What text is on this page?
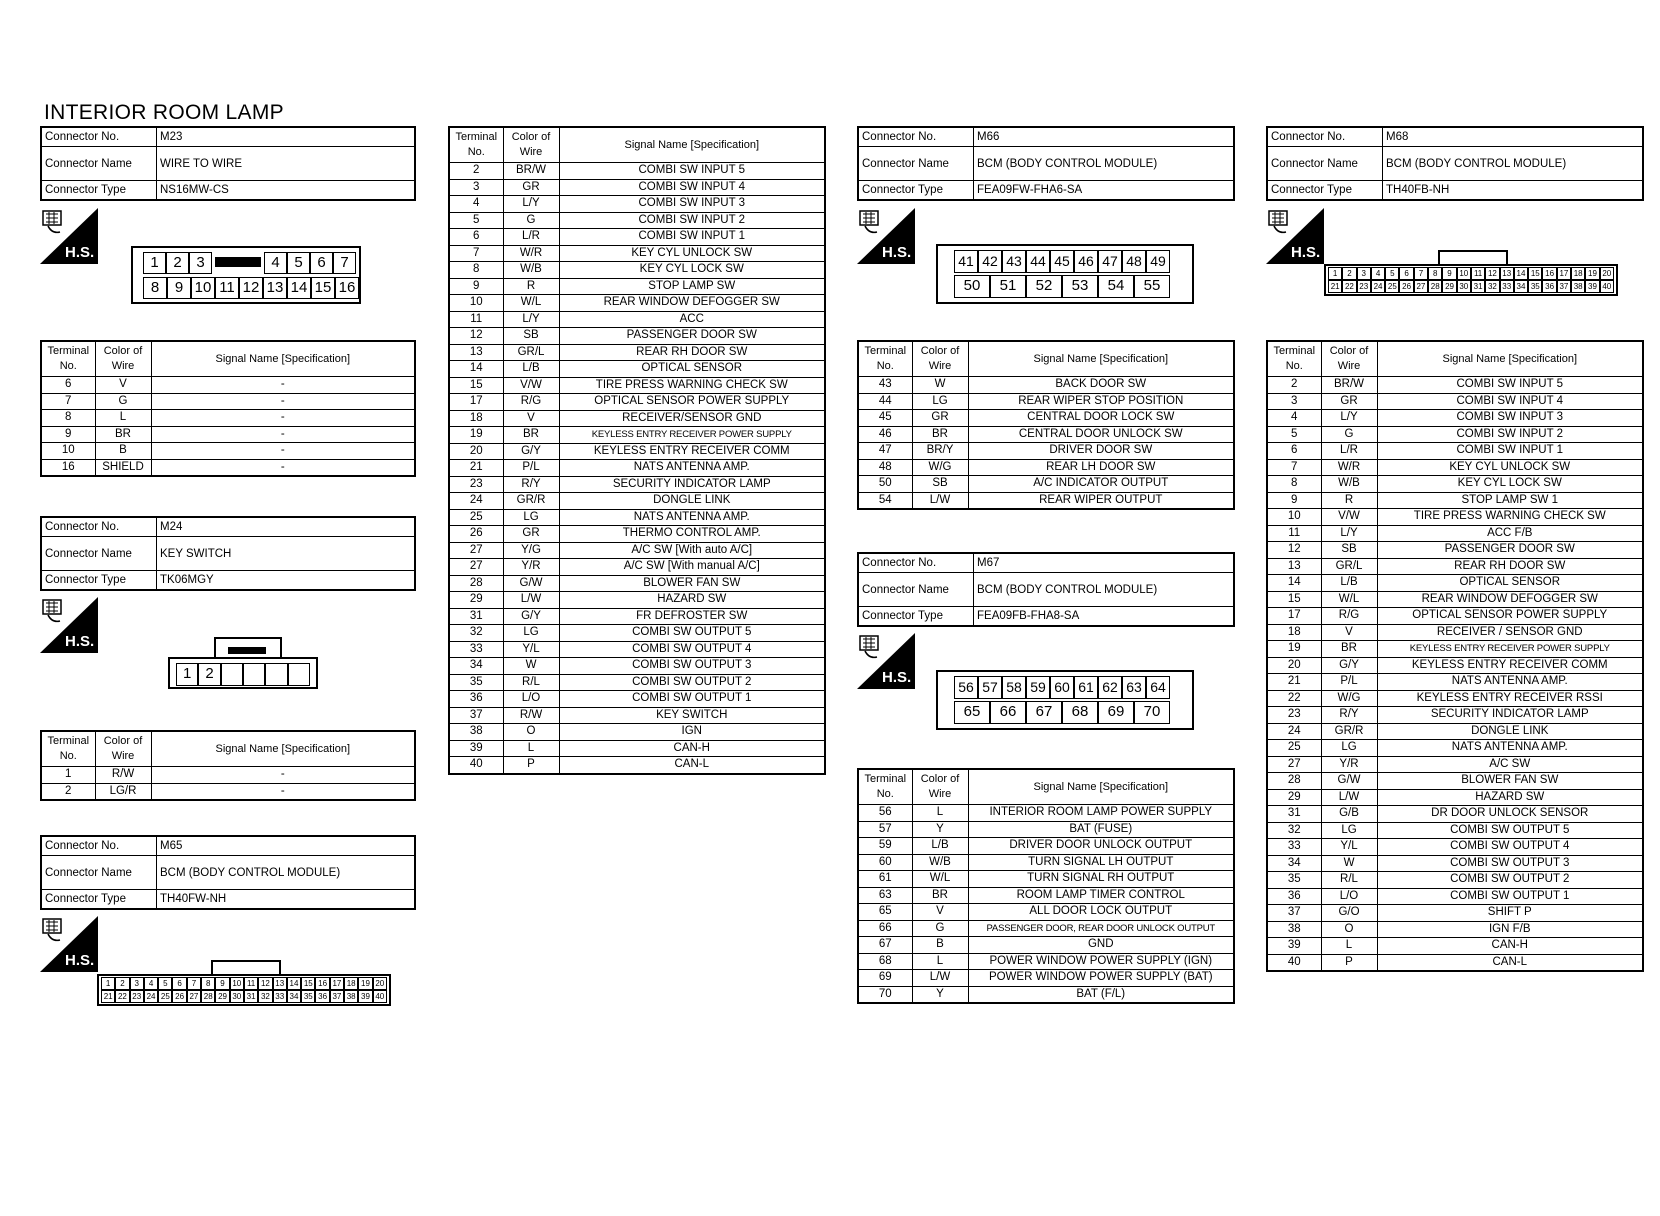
INTERIOR ROOM LAMP
Connector No.	M23
Connector Name	WIRE TO WIRE
Connector Type	NS16MW-CS
H.S.
1 2 3	4 5 6 7
8	9 10 11 12 13 14 15 16
Terminal No.	Color of Wire	Signal Name [Specification]
6	V	-
7	G	-
8	L	-
9	BR	-
10	B	-
16	SHIELD	-
Connector No.	M24
Connector Name	KEY SWITCH
Connector Type	TK06MGY
H.S.
1 2
Terminal No.	Color of Wire	Signal Name [Specification]
1	R/W	-
2	LG/R	-
Connector No.	M65
Connector Name	BCM (BODY CONTROL MODULE)
Connector Type	TH40FW-NH
H.S.
1	2	3	4	5	6	7	8	9 10 11 12 13 14 15 16 17 18 19 20
21 22 23 24 25 26 27 28 29 30 31 32 33 34 35 36 37 38 39 40
Terminal No.	Color of Wire	Signal Name [Specification]
2	BR/W	COMBI SW INPUT 5
3	GR	COMBI SW INPUT 4
4	L/Y	COMBI SW INPUT 3
5	G	COMBI SW INPUT 2
6	L/R	COMBI SW INPUT 1
7	W/R	KEY CYL UNLOCK SW
8	W/B	KEY CYL LOCK SW
9	R	STOP LAMP SW
10	W/L	REAR WINDOW DEFOGGER SW
11	L/Y	ACC
12	SB	PASSENGER DOOR SW
13	GR/L	REAR RH DOOR SW
14	L/B	OPTICAL SENSOR
15	V/W	TIRE PRESS WARNING CHECK SW
17	R/G	OPTICAL SENSOR POWER SUPPLY
18	V	RECEIVER/SENSOR GND
19	BR	KEYLESS ENTRY RECEIVER POWER SUPPLY
20	G/Y	KEYLESS ENTRY RECEIVER COMM
21	P/L	NATS ANTENNA AMP.
23	R/Y	SECURITY INDICATOR LAMP
24	GR/R	DONGLE LINK
25	LG	NATS ANTENNA AMP.
26	GR	THERMO CONTROL AMP.
27	Y/G	A/C SW [With auto A/C]
27	Y/R	A/C SW [With manual A/C]
28	G/W	BLOWER FAN SW
29	L/W	HAZARD SW
31	G/Y	FR DEFROSTER SW
32	LG	COMBI SW OUTPUT 5
33	Y/L	COMBI SW OUTPUT 4
34	W	COMBI SW OUTPUT 3
35	R/L	COMBI SW OUTPUT 2
36	L/O	COMBI SW OUTPUT 1
37	R/W	KEY SWITCH
38	O	IGN
39	L	CAN-H
40	P	CAN-L
Connector No.	M66
Connector Name	BCM (BODY CONTROL MODULE)
Connector Type	FEA09FW-FHA6-SA
H.S.	41 42 43 44 45 46 47 48 49
50	51	52	53	54	55
Terminal No.	Color of Wire	Signal Name [Specification]
43	W	BACK DOOR SW
44	LG	REAR WIPER STOP POSITION
45	GR	CENTRAL DOOR LOCK SW
46	BR	CENTRAL DOOR UNLOCK SW
47	BR/Y	DRIVER DOOR SW
48	W/G	REAR LH DOOR SW
50	SB	A/C INDICATOR OUTPUT
54	L/W	REAR WIPER OUTPUT
Connector No.	M67
Connector Name	BCM (BODY CONTROL MODULE)
Connector Type	FEA09FB-FHA8-SA
H.S.
56 57 58 59 60 61 62 63 64
65	66	67	68	69	70
Terminal No.	Color of Wire	Signal Name [Specification]
56	L	INTERIOR ROOM LAMP POWER SUPPLY
57	Y	BAT (FUSE)
59	L/B	DRIVER DOOR UNLOCK OUTPUT
60	W/B	TURN SIGNAL LH OUTPUT
61	W/L	TURN SIGNAL RH OUTPUT
63	BR	ROOM LAMP TIMER CONTROL
65	V	ALL DOOR LOCK OUTPUT
66	G	PASSENGER DOOR, REAR DOOR UNLOCK OUTPUT
67	B	GND
68	L	POWER WINDOW POWER SUPPLY (IGN)
69	L/W	POWER WINDOW POWER SUPPLY (BAT)
70	Y	BAT (F/L)
Connector No.	M68
Connector Name	BCM (BODY CONTROL MODULE)
Connector Type	TH40FB-NH
H.S.
1	2	3	4	5	6	7	8	9 10 11 12 13 14 15 16 17 18 19 20
21 22 23 24 25 26 27 28 29 30 31 32 33 34 35 36 37 38 39 40
Terminal No.	Color of Wire	Signal Name [Specification]
2	BR/W	COMBI SW INPUT 5
3	GR	COMBI SW INPUT 4
4	L/Y	COMBI SW INPUT 3
5	G	COMBI SW INPUT 2
6	L/R	COMBI SW INPUT 1
7	W/R	KEY CYL UNLOCK SW
8	W/B	KEY CYL LOCK SW
9	R	STOP LAMP SW 1
10	V/W	TIRE PRESS WARNING CHECK SW
11	L/Y	ACC F/B
12	SB	PASSENGER DOOR SW
13	GR/L	REAR RH DOOR SW
14	L/B	OPTICAL SENSOR
15	W/L	REAR WINDOW DEFOGGER SW
17	R/G	OPTICAL SENSOR POWER SUPPLY
18	V	RECEIVER / SENSOR GND
19	BR	KEYLESS ENTRY RECEIVER POWER SUPPLY
20	G/Y	KEYLESS ENTRY RECEIVER COMM
21	P/L	NATS ANTENNA AMP.
22	W/G	KEYLESS ENTRY RECEIVER RSSI
23	R/Y	SECURITY INDICATOR LAMP
24	GR/R	DONGLE LINK
25	LG	NATS ANTENNA AMP.
27	Y/R	A/C SW
28	G/W	BLOWER FAN SW
29	L/W	HAZARD SW
31	G/B	DR DOOR UNLOCK SENSOR
32	LG	COMBI SW OUTPUT 5
33	Y/L	COMBI SW OUTPUT 4
34	W	COMBI SW OUTPUT 3
35	R/L	COMBI SW OUTPUT 2
36	L/O	COMBI SW OUTPUT 1
37	G/O	SHIFT P
38	O	IGN F/B
39	L	CAN-H
40	P	CAN-L
